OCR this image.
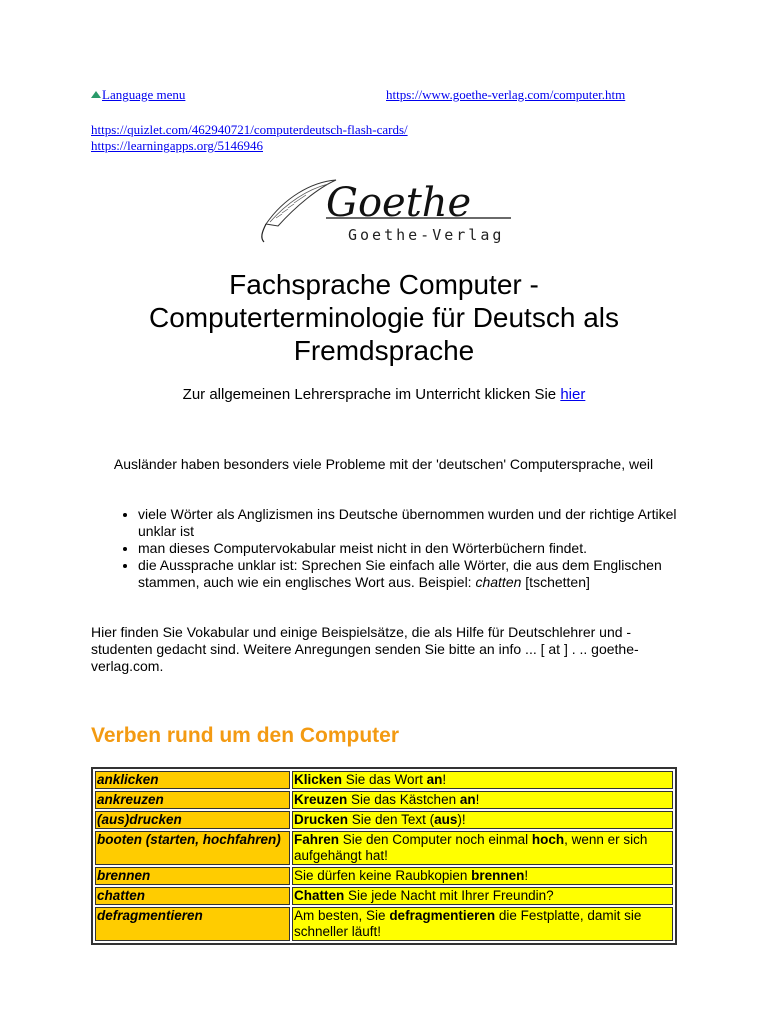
Language menu	https://www.goethe-verlag.com/computer.htm
https://quizlet.com/462940721/computerdeutsch-flash-cards/
https://learningapps.org/5146946
Goethe
Goethe-Verlag
Fachsprache Computer -
Computerterminologie für Deutsch als
Fremdsprache
Zur allgemeinen Lehrersprache im Unterricht klicken Sie hier
Ausländer haben besonders viele Probleme mit der 'deutschen' Computersprache, weil
• viele Wörter als Anglizismen ins Deutsche übernommen wurden und der richtige Artikel unklar ist
• man dieses Computervokabular meist nicht in den Wörterbüchern findet.
• die Aussprache unklar ist: Sprechen Sie einfach alle Wörter, die aus dem Englischen stammen, auch wie ein englisches Wort aus. Beispiel: chatten [tschetten]
Hier finden Sie Vokabular und einige Beispielsätze, die als Hilfe für Deutschlehrer und -studenten gedacht sind. Weitere Anregungen senden Sie bitte an info ... [ at ] . .. goethe-verlag.com.
Verben rund um den Computer
anklicken	Klicken Sie das Wort an!
ankreuzen	Kreuzen Sie das Kästchen an!
(aus)drucken	Drucken Sie den Text (aus)!
booten (starten, hochfahren)	Fahren Sie den Computer noch einmal hoch, wenn er sich aufgehängt hat!
brennen	Sie dürfen keine Raubkopien brennen!
chatten	Chatten Sie jede Nacht mit Ihrer Freundin?
defragmentieren	Am besten, Sie defragmentieren die Festplatte, damit sie schneller läuft!
